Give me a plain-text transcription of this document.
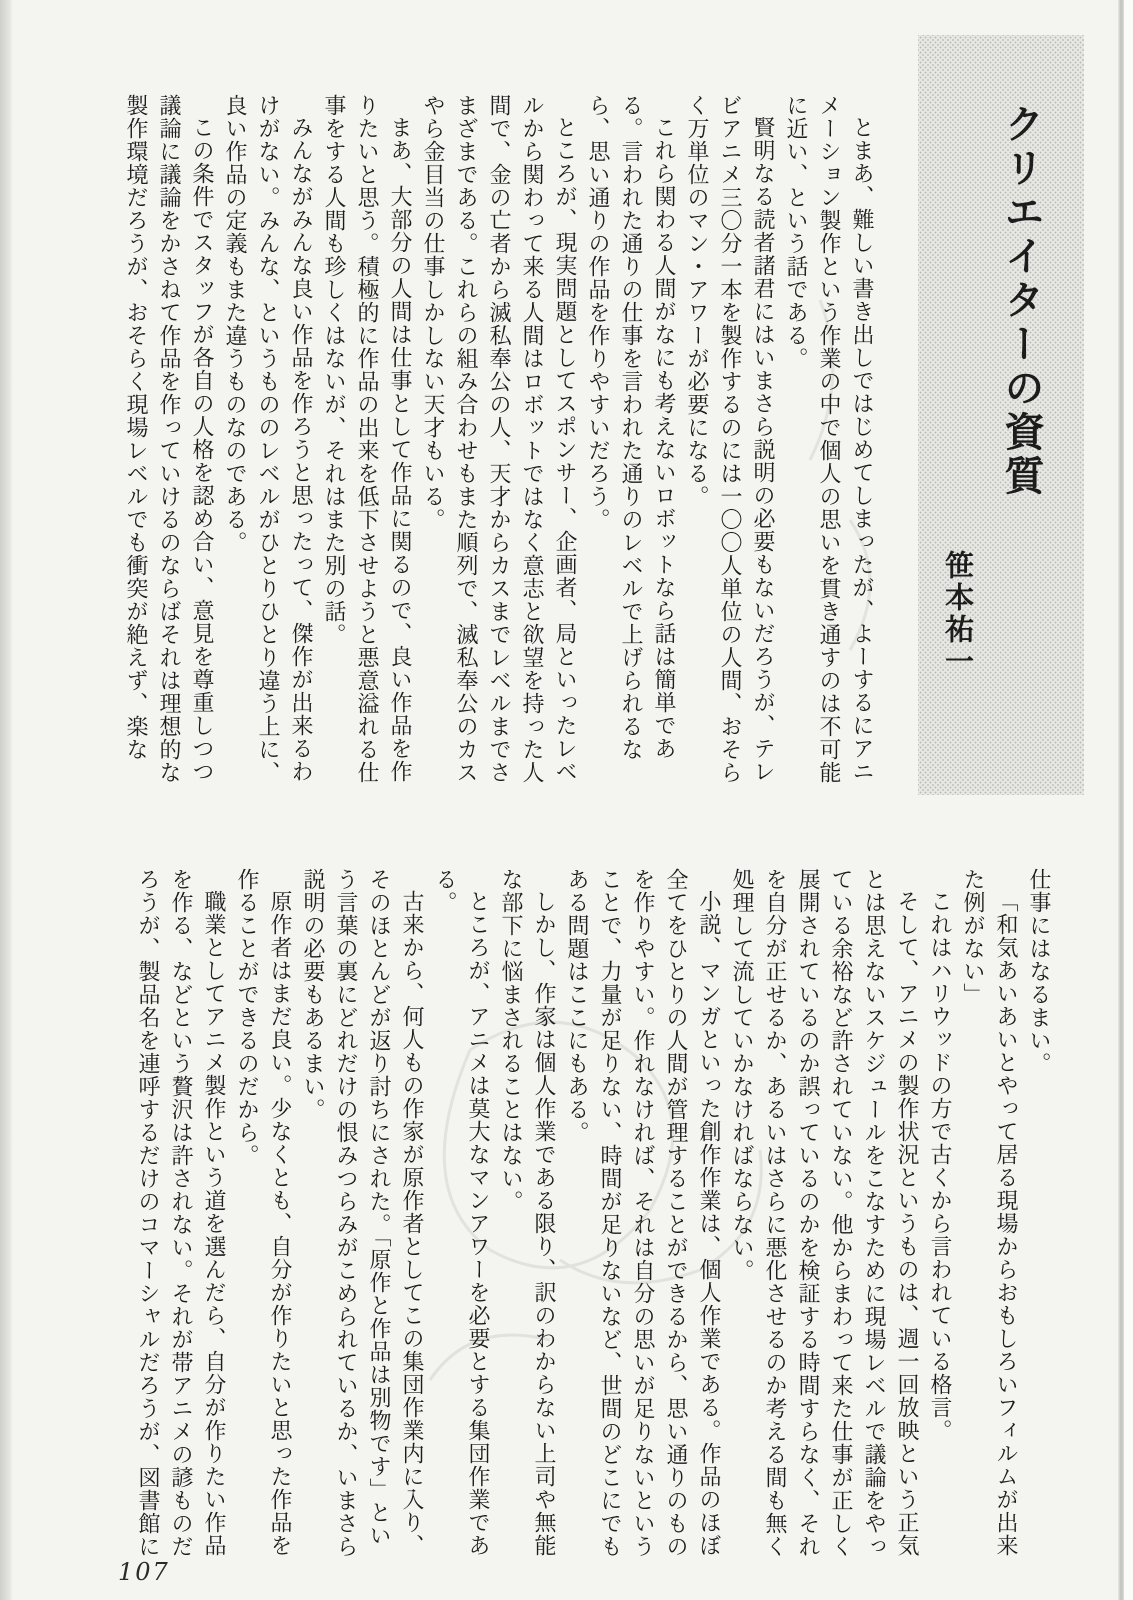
クリエイターの資質
笹本祐一

とまあ、難しい書き出しではじめてしまったが、よーするにアニメーション製作という作業の中で個人の思いを貫き通すのは不可能に近い、という話である。

賢明なる読者諸君にはいまさら説明の必要もないだろうが、テレビアニメ三〇分一本を製作するのには一〇〇人単位の人間、おそらく万単位のマン・アワーが必要になる。

これら関わる人間がなにも考えないロボットなら話は簡単である。言われた通りの仕事を言われた通りのレベルで上げられるなら、思い通りの作品を作りやすいだろう。

ところが、現実問題としてスポンサー、企画者、局といったレベルから関わって来る人間はロボットではなく意志と欲望を持った人間で、金の亡者から滅私奉公の人、天才からカスまでレベルまでさまざまである。これらの組み合わせもまた順列で、滅私奉公のカスやら金目当の仕事しかしない天才もいる。

まあ、大部分の人間は仕事として作品に関るので、良い作品を作りたいと思う。積極的に作品の出来を低下させようと悪意溢れる仕事をする人間も珍しくはないが、それはまた別の話。

みんながみんな良い作品を作ろうと思ったって、傑作が出来るわけがない。みんな、というもののレベルがひとりひとり違う上に、良い作品の定義もまた違うものなのである。

この条件でスタッフが各自の人格を認め合い、意見を尊重しつつ議論に議論をかさねて作品を作っていけるのならばそれは理想的な製作環境だろうが、おそらく現場レベルでも衝突が絶えず、楽な

仕事にはなるまい。

「和気あいあいとやって居る現場からおもしろいフィルムが出来た例がない」

これはハリウッドの方で古くから言われている格言。

そして、アニメの製作状況というものは、週一回放映という正気とは思えないスケジュールをこなすために現場レベルで議論をやっている余裕など許されていない。他からまわって来た仕事が正しく展開されているのか誤っているのかを検証する時間すらなく、それを自分が正せるか、あるいはさらに悪化させるのか考える間も無く処理して流していかなければならない。

小説、マンガといった創作作業は、個人作業である。作品のほぼ全てをひとりの人間が管理することができるから、思い通りのものを作りやすい。作れなければ、それは自分の思いが足りないということで、力量が足りない、時間が足りないなど、世間のどこにでもある問題はここにもある。

しかし、作家は個人作業である限り、訳のわからない上司や無能な部下に悩まされることはない。

ところが、アニメは莫大なマンアワーを必要とする集団作業である。

古来から、何人もの作家が原作者としてこの集団作業内に入り、そのほとんどが返り討ちにされた。「原作と作品は別物です」という言葉の裏にどれだけの恨みつらみがこめられているか、いまさら説明の必要もあるまい。

原作者はまだ良い。少なくとも、自分が作りたいと思った作品を作ることができるのだから。

職業としてアニメ製作という道を選んだら、自分が作りたい作品を作る、などという贅沢は許されない。それが帯アニメの諺ものだろうが、製品名を連呼するだけのコマーシャルだろうが、図書館に

107
